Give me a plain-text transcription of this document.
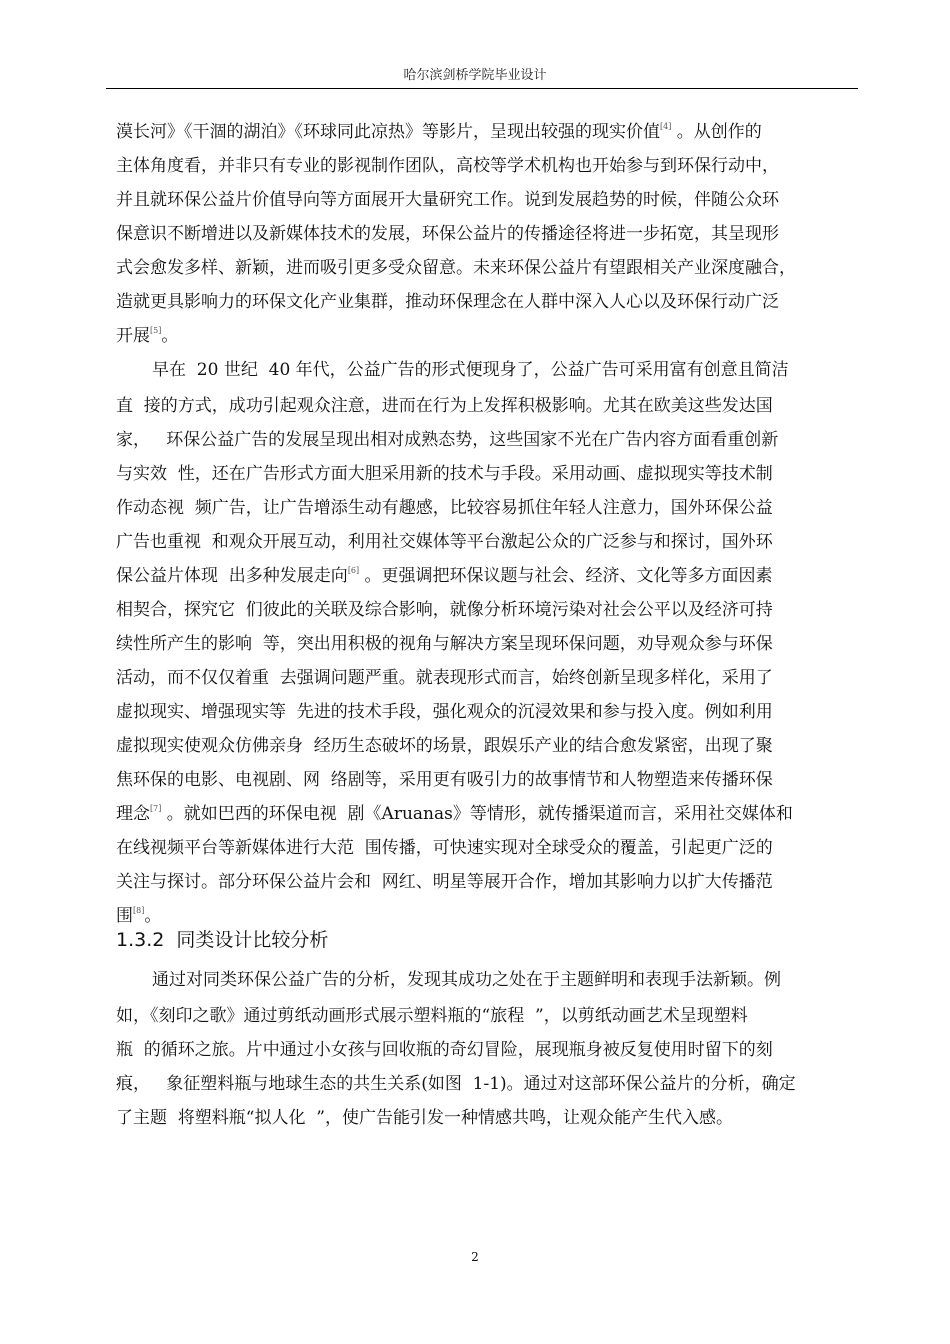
哈尔滨剑桥学院毕业设计
漠长河》《干涸的湖泊》《环球同此凉热》等影片，呈现出较强的现实价值[4] 。从创作的
主体角度看，并非只有专业的影视制作团队，高校等学术机构也开始参与到环保行动中，
并且就环保公益片价值导向等方面展开大量研究工作。说到发展趋势的时候，伴随公众环
保意识不断增进以及新媒体技术的发展，环保公益片的传播途径将进一步拓宽，其呈现形
式会愈发多样、新颖，进而吸引更多受众留意。未来环保公益片有望跟相关产业深度融合，
造就更具影响力的环保文化产业集群，推动环保理念在人群中深入人心以及环保行动广泛
开展[5]。
早在  20 世纪  40 年代，公益广告的形式便现身了，公益广告可采用富有创意且简洁
直  接的方式，成功引起观众注意，进而在行为上发挥积极影响。尤其在欧美这些发达国
家，   环保公益广告的发展呈现出相对成熟态势，这些国家不光在广告内容方面看重创新
与实效  性，还在广告形式方面大胆采用新的技术与手段。采用动画、虚拟现实等技术制
作动态视  频广告，让广告增添生动有趣感，比较容易抓住年轻人注意力，国外环保公益
广告也重视  和观众开展互动，利用社交媒体等平台激起公众的广泛参与和探讨，国外环
保公益片体现  出多种发展走向[6] 。更强调把环保议题与社会、经济、文化等多方面因素
相契合，探究它  们彼此的关联及综合影响，就像分析环境污染对社会公平以及经济可持
续性所产生的影响  等，突出用积极的视角与解决方案呈现环保问题，劝导观众参与环保
活动，而不仅仅着重  去强调问题严重。就表现形式而言，始终创新呈现多样化，采用了
虚拟现实、增强现实等  先进的技术手段，强化观众的沉浸效果和参与投入度。例如利用
虚拟现实使观众仿佛亲身  经历生态破坏的场景，跟娱乐产业的结合愈发紧密，出现了聚
焦环保的电影、电视剧、网  络剧等，采用更有吸引力的故事情节和人物塑造来传播环保
理念[7] 。就如巴西的环保电视  剧《Aruanas》等情形，就传播渠道而言，采用社交媒体和
在线视频平台等新媒体进行大范  围传播，可快速实现对全球受众的覆盖，引起更广泛的
关注与探讨。部分环保公益片会和  网红、明星等展开合作，增加其影响力以扩大传播范
围[8]。
1.3.2  同类设计比较分析
通过对同类环保公益广告的分析，发现其成功之处在于主题鲜明和表现手法新颖。例
如，《刻印之歌》通过剪纸动画形式展示塑料瓶的“旅程  ”，以剪纸动画艺术呈现塑料
瓶  的循环之旅。片中通过小女孩与回收瓶的奇幻冒险，展现瓶身被反复使用时留下的刻
痕，   象征塑料瓶与地球生态的共生关系(如图  1-1)。通过对这部环保公益片的分析，确定
了主题  将塑料瓶“拟人化  ”，使广告能引发一种情感共鸣，让观众能产生代入感。
2
